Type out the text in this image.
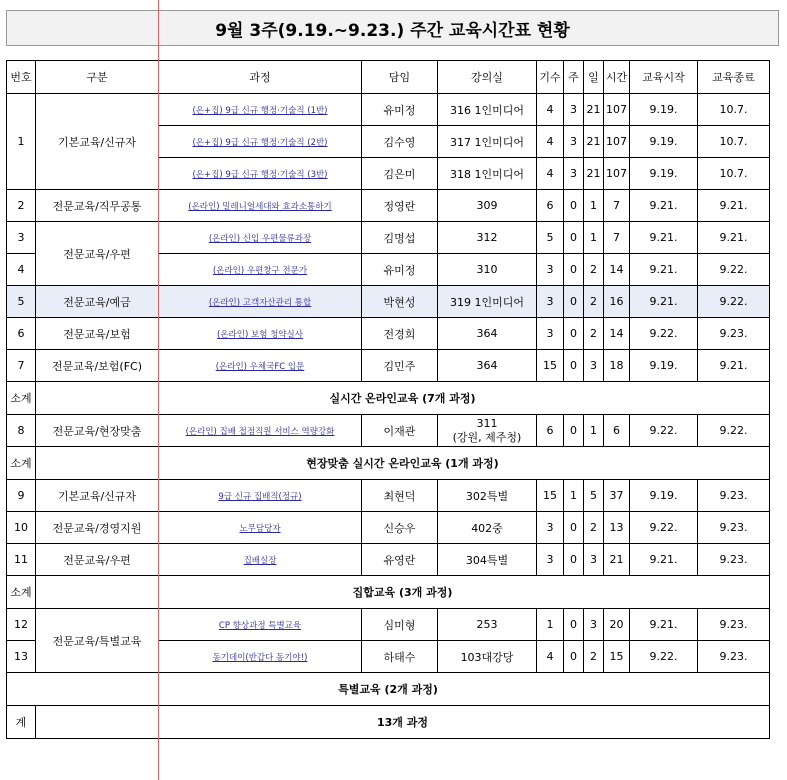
9월 3주(9.19.~9.23.) 주간 교육시간표 현황
번호	구분	과정	담임	강의실	기수	주	일	시간	교육시작	교육종료
1	기본교육/신규자	(온+집) 9급 신규 행정·기술직 (1반)	유미정	316 1인미디어	4	3	21	107	9.19.	10.7.
		(온+집) 9급 신규 행정·기술직 (2반)	김수영	317 1인미디어	4	3	21	107	9.19.	10.7.
		(온+집) 9급 신규 행정·기술직 (3반)	김은미	318 1인미디어	4	3	21	107	9.19.	10.7.
2	전문교육/직무공통	(온라인) 밀레니얼세대와 효과소통하기	정영란	309	6	0	1	7	9.21.	9.21.
3	전문교육/우편	(온라인) 신입 우편물류과장	김명섭	312	5	0	1	7	9.21.	9.21.
4		(온라인) 우편창구 전문가	유미정	310	3	0	2	14	9.21.	9.22.
5	전문교육/예금	(온라인) 고객자산관리 통합	박현성	319 1인미디어	3	0	2	16	9.21.	9.22.
6	전문교육/보험	(온라인) 보험 청약실사	전경희	364	3	0	2	14	9.22.	9.23.
7	전문교육/보험(FC)	(온라인) 우체국FC 입문	김민주	364	15	0	3	18	9.19.	9.21.
소계	실시간 온라인교육 (7개 과정)									
8	전문교육/현장맞춤	(온라인) 집배 접점직원 서비스 역량강화	이재관	311
(강원, 제주청)	6	0	1	6	9.22.	9.22.
소계	현장맞춤 실시간 온라인교육 (1개 과정)									
9	기본교육/신규자	9급 신규 집배직(정규)	최현덕	302특별	15	1	5	37	9.19.	9.23.
10	전문교육/경영지원	노무담당자	신승우	402중	3	0	2	13	9.22.	9.23.
11	전문교육/우편	집배실장	유영란	304특별	3	0	3	21	9.21.	9.23.
소계	집합교육 (3개 과정)									
12	전문교육/특별교육	CP 향상과정 특별교육	심미형	253	1	0	3	20	9.21.	9.23.
13		동기데이(반갑다 동기야!)	하태수	103대강당	4	0	2	15	9.22.	9.23.
특별교육 (2개 과정)										
계	13개 과정									
